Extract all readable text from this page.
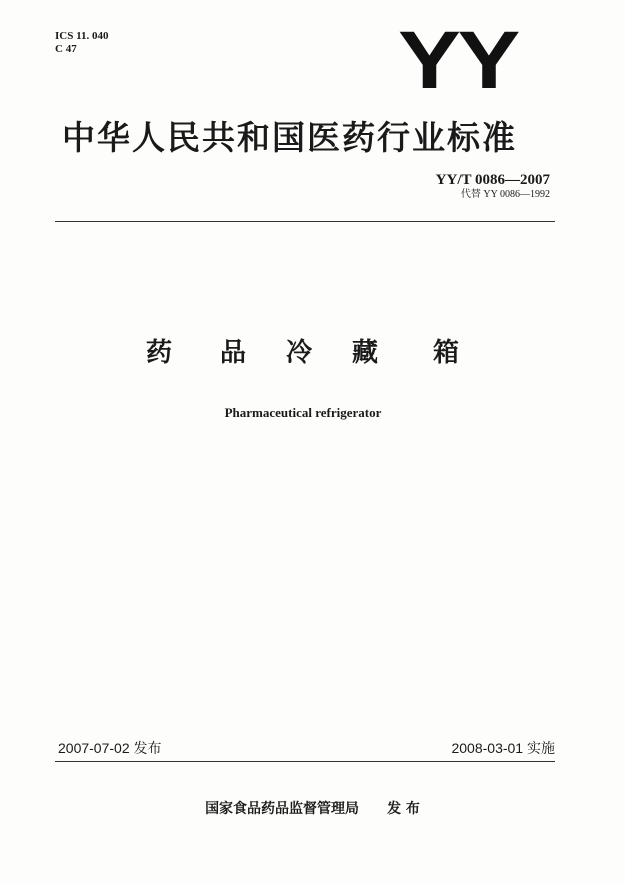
ICS 11. 040
C 47	YY
中华人民共和国医药行业标准
YY/T 0086—2007
代替 YY 0086—1992
药 品 冷 藏 箱
Pharmaceutical refrigerator
2007-07-02 发布	2008-03-01 实施
国家食品药品监督管理局 发 布
